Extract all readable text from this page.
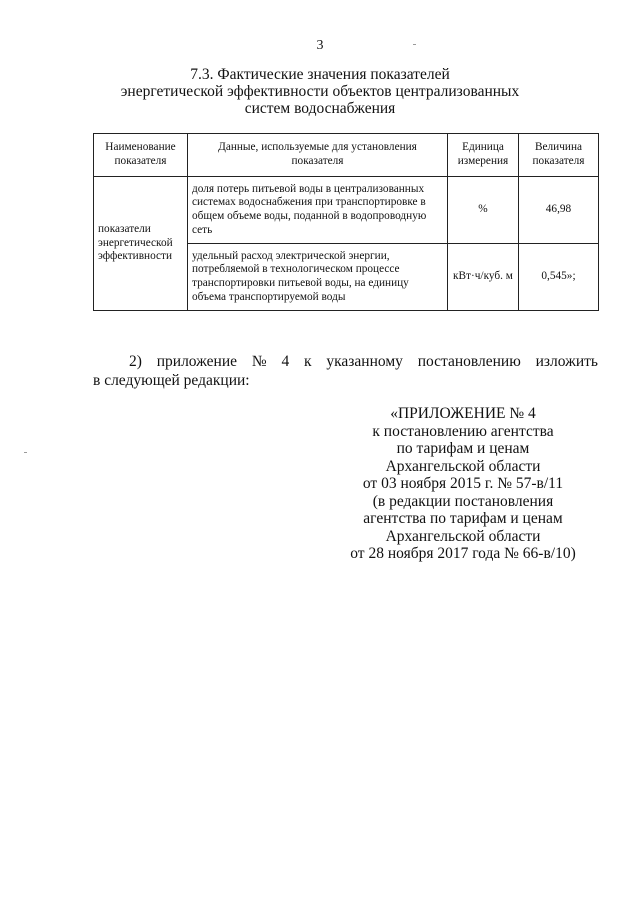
3
7.3. Фактические значения показателей
энергетической эффективности объектов централизованных
систем водоснабжения
Наименование показателя	Данные, используемые для установления показателя	Единица измерения	Величина показателя
показатели энергетической эффективности	доля потерь питьевой воды в централизованных системах водоснабжения при транспортировке в общем объеме воды, поданной в водопроводную сеть	%	46,98
	удельный расход электрической энергии, потребляемой в технологическом процессе транспортировки питьевой воды, на единицу объема транспортируемой воды	кВт·ч/куб. м	0,545»;
2) приложение № 4 к указанному постановлению изложить
в следующей редакции:
«ПРИЛОЖЕНИЕ № 4
к постановлению агентства
по тарифам и ценам
Архангельской области
от 03 ноября 2015 г. № 57-в/11
(в редакции постановления
агентства по тарифам и ценам
Архангельской области
от 28 ноября 2017 года № 66-в/10)
